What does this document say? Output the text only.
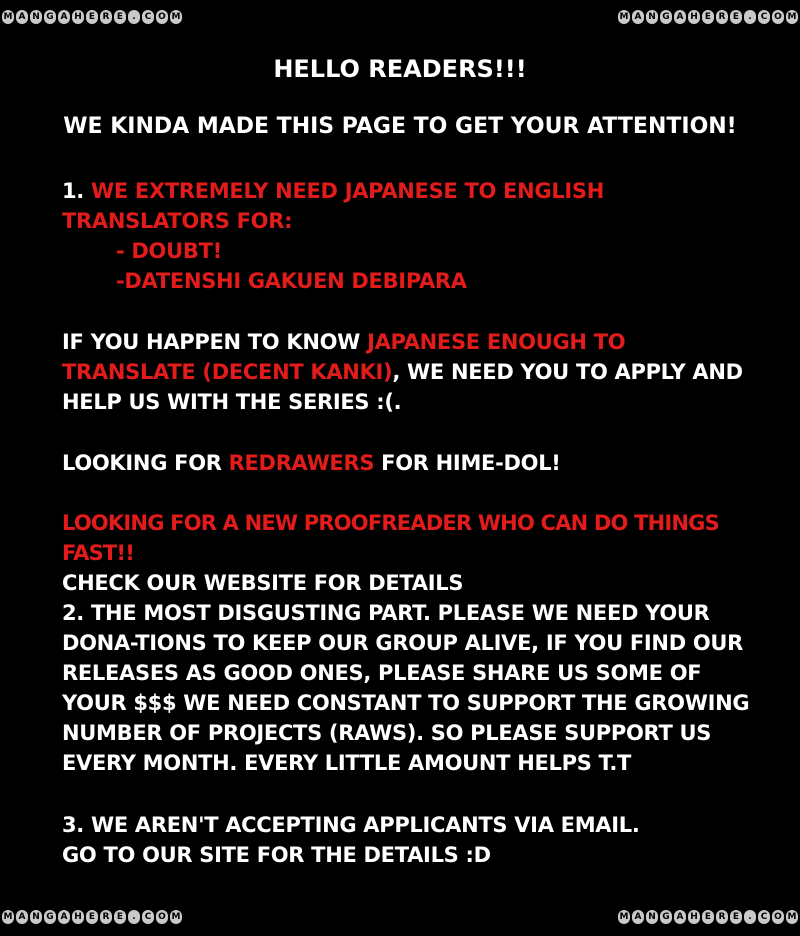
M A N G A H E R E	. C O M	M A N G A H E R E	. C O M
M A N G A H E R E	. C O M	M A N G A H E R E	. C O M
HELLO READERS!!!
WE KINDA MADE THIS PAGE TO GET YOUR ATTENTION!

1. WE EXTREMELY NEED JAPANESE TO ENGLISH TRANSLATORS FOR:
- DOUBT!
-DATENSHI GAKUEN DEBIPARA

IF YOU HAPPEN TO KNOW JAPANESE ENOUGH TO TRANSLATE (DECENT KANKI), WE NEED YOU TO APPLY AND HELP US WITH THE SERIES :(.

LOOKING FOR REDRAWERS FOR HIME-DOL!

LOOKING FOR A NEW PROOFREADER WHO CAN DO THINGS FAST!!
CHECK OUR WEBSITE FOR DETAILS

2. THE MOST DISGUSTING PART. PLEASE WE NEED YOUR DONA-TIONS TO KEEP OUR GROUP ALIVE, IF YOU FIND OUR RELEASES AS GOOD ONES, PLEASE SHARE US SOME OF YOUR $$$ WE NEED CONSTANT TO SUPPORT THE GROWING NUMBER OF PROJECTS (RAWS). SO PLEASE SUPPORT US EVERY MONTH. EVERY LITTLE AMOUNT HELPS T.T

3. WE AREN'T ACCEPTING APPLICANTS VIA EMAIL.
GO TO OUR SITE FOR THE DETAILS :D
